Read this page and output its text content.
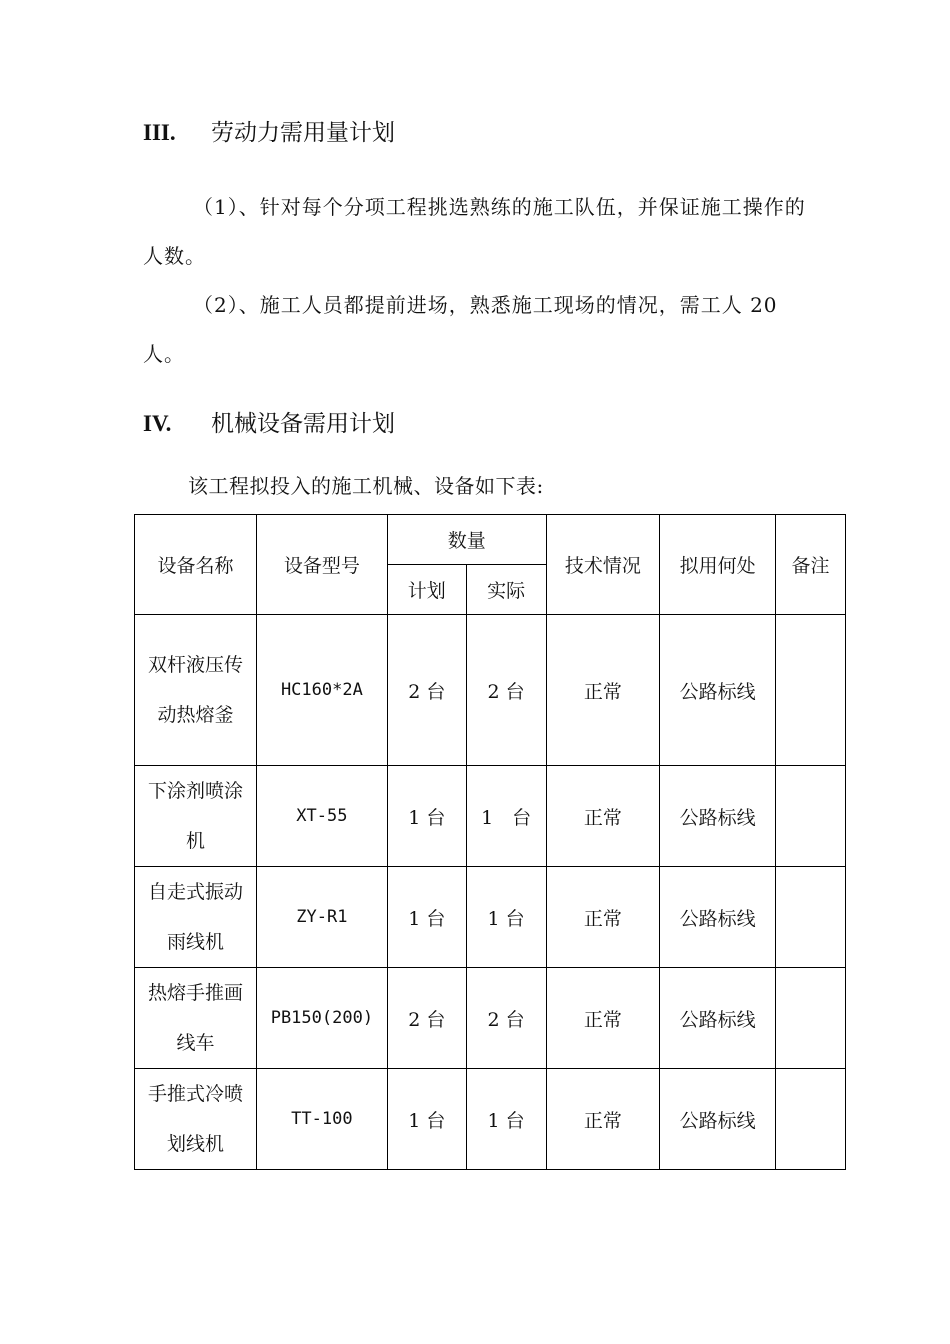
III. 劳动力需用量计划
（1）、针对每个分项工程挑选熟练的施工队伍，并保证施工操作的人数。
（2）、施工人员都提前进场，熟悉施工现场的情况，需工人 20 人。
IV. 机械设备需用计划
该工程拟投入的施工机械、设备如下表:
设备名称	设备型号	数量		技术情况	拟用何处	备注
		计划	实际			

双杆液压传动热熔釜	HC160*2A	2 台	2 台	正常	公路标线	

下涂剂喷涂机	XT-55	1 台	1　台	正常	公路标线	

自走式振动雨线机	ZY-R1	1 台	1 台	正常	公路标线	

热熔手推画线车	PB150(200)	2 台	2 台	正常	公路标线	

手推式冷喷划线机	TT-100	1 台	1 台	正常	公路标线	
